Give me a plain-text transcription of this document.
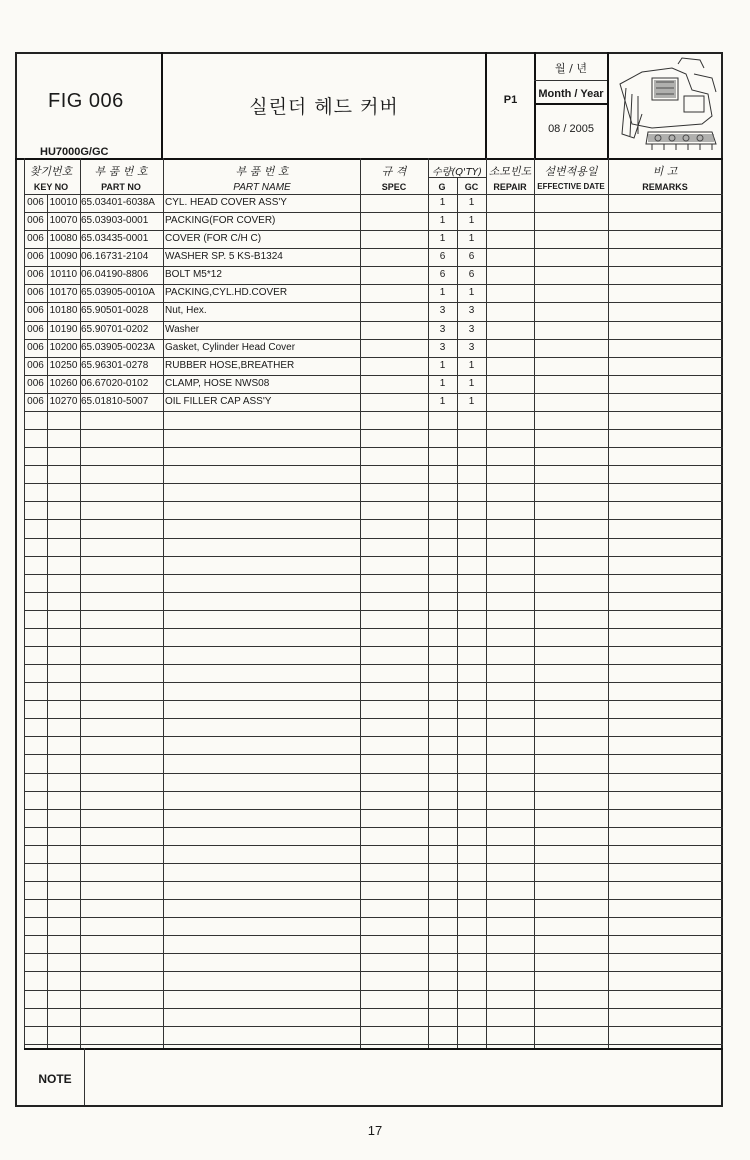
FIG 006
HU7000G/GC
실린더 헤드 커버	P1
월 / 년
Month / Year
08 / 2005
찾기번호
KEY NO
부 품 번 호
PART NO
부 품 번 호
PART NAME
규 격
SPEC
수량(Q'TY)
G	GC
소모빈도
REPAIR
설변적용일
EFFECTIVE DATE
비 고
REMARKS
006 10010 65.03401-6038A	CYL. HEAD COVER ASS'Y	1	1
006 10070 65.03903-0001	PACKING(FOR COVER)	1	1
006 10080 65.03435-0001	COVER (FOR C/H C)	1	1
006 10090 06.16731-2104	WASHER SP. 5 KS-B1324	6	6
006 10110 06.04190-8806	BOLT M5*12	6	6
006 10170 65.03905-0010A	PACKING,CYL.HD.COVER	1	1
006 10180 65.90501-0028	Nut, Hex.	3	3
006 10190 65.90701-0202	Washer	3	3
006 10200 65.03905-0023A	Gasket, Cylinder Head Cover	3	3
006 10250 65.96301-0278	RUBBER HOSE,BREATHER	1	1
006 10260 06.67020-0102	CLAMP, HOSE NWS08	1	1
006 10270 65.01810-5007	OIL FILLER CAP ASS'Y	1	1
NOTE
17
